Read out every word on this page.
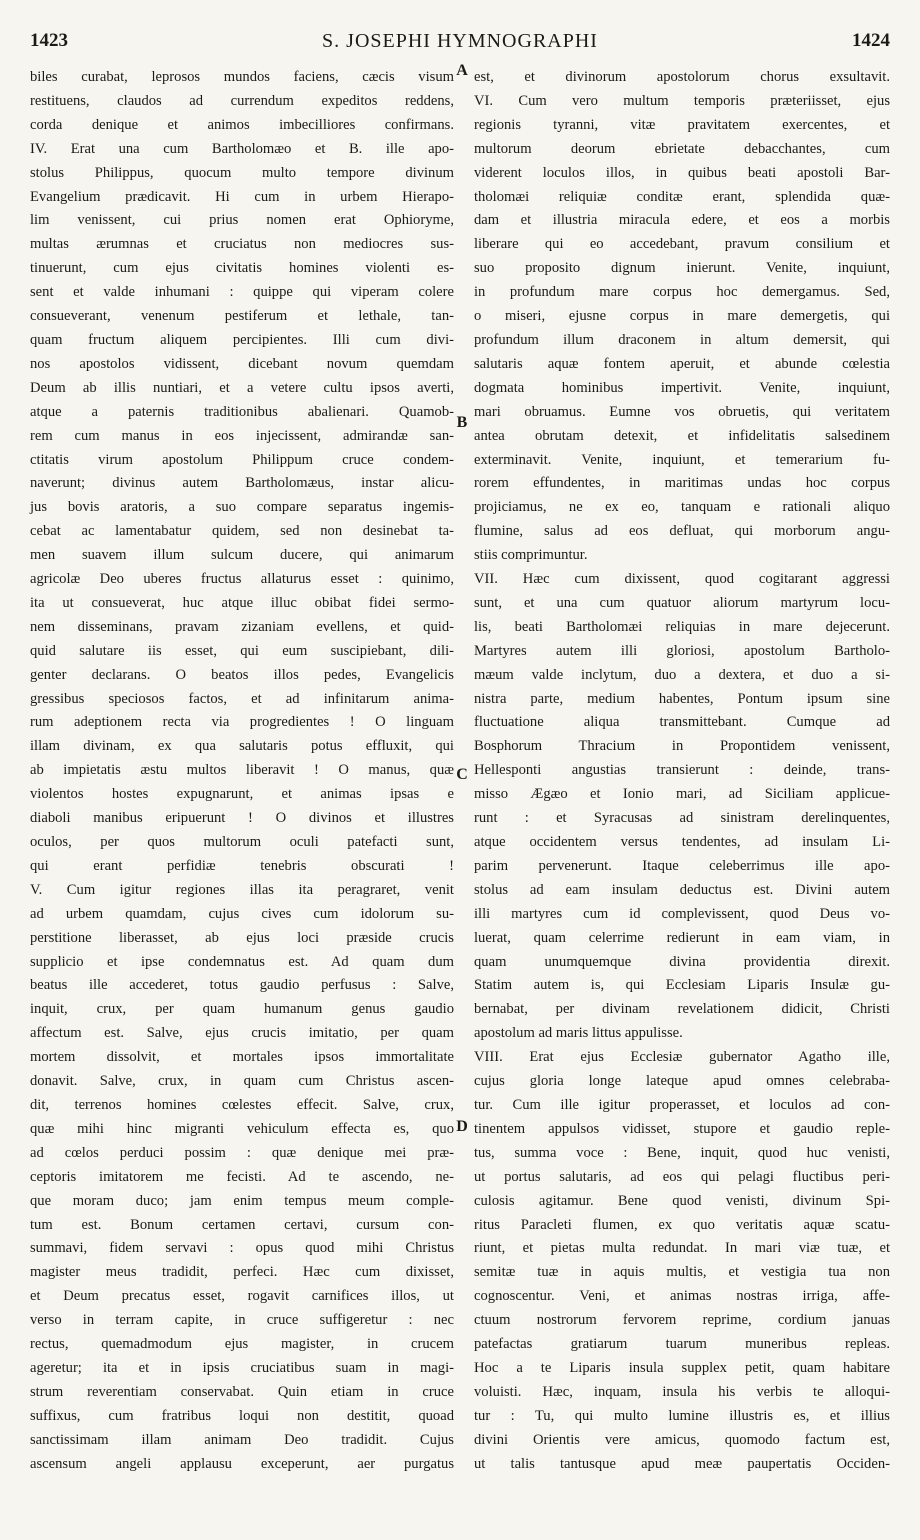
1423	S. JOSEPHI HYMNOGRAPHI	1424
biles curabat, leprosos mundos faciens, cæcis visum
restituens, claudos ad currendum expeditos reddens,
corda denique et animos imbecilliores confirmans.
IV. Erat una cum Bartholomæo et B. ille apo-
stolus Philippus, quocum multo tempore divinum
Evangelium prædicavit. Hi cum in urbem Hierapo-
lim venissent, cui prius nomen erat Ophioryme,
multas ærumnas et cruciatus non mediocres sus-
tinuerunt, cum ejus civitatis homines violenti es-
sent et valde inhumani : quippe qui viperam colere
consueverant, venenum pestiferum et lethale, tan-
quam fructum aliquem percipientes. Illi cum divi-
nos apostolos vidissent, dicebant novum quemdam
Deum ab illis nuntiari, et a vetere cultu ipsos averti,
atque a paternis traditionibus abalienari. Quamob-
rem cum manus in eos injecissent, admirandæ san-
ctitatis virum apostolum Philippum cruce condem-
naverunt; divinus autem Bartholomæus, instar alicu-
jus bovis aratoris, a suo compare separatus ingemis-
cebat ac lamentabatur quidem, sed non desinebat ta-
men suavem illum sulcum ducere, qui animarum
agricolæ Deo uberes fructus allaturus esset : quinimo,
ita ut consueverat, huc atque illuc obibat fidei sermo-
nem disseminans, pravam zizaniam evellens, et quid-
quid salutare iis esset, qui eum suscipiebant, dili-
genter declarans. O beatos illos pedes, Evangelicis
gressibus speciosos factos, et ad infinitarum anima-
rum adeptionem recta via progredientes ! O linguam
illam divinam, ex qua salutaris potus effluxit, qui
ab impietatis æstu multos liberavit ! O manus, quæ
violentos hostes expugnarunt, et animas ipsas e
diaboli manibus eripuerunt ! O divinos et illustres
oculos, per quos multorum oculi patefacti sunt,
qui erant perfidiæ tenebris obscurati !
V. Cum igitur regiones illas ita peragraret, venit
ad urbem quamdam, cujus cives cum idolorum su-
perstitione liberasset, ab ejus loci præside crucis
supplicio et ipse condemnatus est. Ad quam dum
beatus ille accederet, totus gaudio perfusus : Salve,
inquit, crux, per quam humanum genus gaudio
affectum est. Salve, ejus crucis imitatio, per quam
mortem dissolvit, et mortales ipsos immortalitate
donavit. Salve, crux, in quam cum Christus ascen-
dit, terrenos homines cœlestes effecit. Salve, crux,
quæ mihi hinc migranti vehiculum effecta es, quo
ad cœlos perduci possim : quæ denique mei præ-
ceptoris imitatorem me fecisti. Ad te ascendo, ne-
que moram duco; jam enim tempus meum comple-
tum est. Bonum certamen certavi, cursum con-
summavi, fidem servavi : opus quod mihi Christus
magister meus tradidit, perfeci. Hæc cum dixisset,
et Deum precatus esset, rogavit carnifices illos, ut
verso in terram capite, in cruce suffigeretur : nec
rectus, quemadmodum ejus magister, in crucem
ageretur; ita et in ipsis cruciatibus suam in magi-
strum reverentiam conservabat. Quin etiam in cruce
suffixus, cum fratribus loqui non destitit, quoad
sanctissimam illam animam Deo tradidit. Cujus
ascensum angeli applausu exceperunt, aer purgatus
est, et divinorum apostolorum chorus exsultavit.
VI. Cum vero multum temporis præteriisset, ejus
regionis tyranni, vitæ pravitatem exercentes, et
multorum deorum ebrietate debacchantes, cum
viderent loculos illos, in quibus beati apostoli Bar-
tholomæi reliquiæ conditæ erant, splendida quæ-
dam et illustria miracula edere, et eos a morbis
liberare qui eo accedebant, pravum consilium et
suo proposito dignum inierunt. Venite, inquiunt,
in profundum mare corpus hoc demergamus. Sed,
o miseri, ejusne corpus in mare demergetis, qui
profundum illum draconem in altum demersit, qui
salutaris aquæ fontem aperuit, et abunde cœlestia
dogmata hominibus impertivit. Venite, inquiunt,
mari obruamus. Eumne vos obruetis, qui veritatem
antea obrutam detexit, et infidelitatis salsedinem
exterminavit. Venite, inquiunt, et temerarium fu-
rorem effundentes, in maritimas undas hoc corpus
projiciamus, ne ex eo, tanquam e rationali aliquo
flumine, salus ad eos defluat, qui morborum angu-
stiis comprimuntur.
VII. Hæc cum dixissent, quod cogitarant aggressi
sunt, et una cum quatuor aliorum martyrum locu-
lis, beati Bartholomæi reliquias in mare dejecerunt.
Martyres autem illi gloriosi, apostolum Bartholo-
mæum valde inclytum, duo a dextera, et duo a si-
nistra parte, medium habentes, Pontum ipsum sine
fluctuatione aliqua transmittebant. Cumque ad
Bosphorum Thracium in Propontidem venissent,
Hellesponti angustias transierunt : deinde, trans-
misso Ægæo et Ionio mari, ad Siciliam applicue-
runt : et Syracusas ad sinistram derelinquentes,
atque occidentem versus tendentes, ad insulam Li-
parim pervenerunt. Itaque celeberrimus ille apo-
stolus ad eam insulam deductus est. Divini autem
illi martyres cum id complevissent, quod Deus vo-
luerat, quam celerrime redierunt in eam viam, in
quam unumquemque divina providentia direxit.
Statim autem is, qui Ecclesiam Liparis Insulæ gu-
bernabat, per divinam revelationem didicit, Christi
apostolum ad maris littus appulisse.
VIII. Erat ejus Ecclesiæ gubernator Agatho ille,
cujus gloria longe lateque apud omnes celebraba-
tur. Cum ille igitur properasset, et loculos ad con-
tinentem appulsos vidisset, stupore et gaudio reple-
tus, summa voce : Bene, inquit, quod huc venisti,
ut portus salutaris, ad eos qui pelagi fluctibus peri-
culosis agitamur. Bene quod venisti, divinum Spi-
ritus Paracleti flumen, ex quo veritatis aquæ scatu-
riunt, et pietas multa redundat. In mari viæ tuæ, et
semitæ tuæ in aquis multis, et vestigia tua non
cognoscentur. Veni, et animas nostras irriga, affe-
ctuum nostrorum fervorem reprime, cordium januas
patefactas gratiarum tuarum muneribus repleas.
Hoc a te Liparis insula supplex petit, quam habitare
voluisti. Hæc, inquam, insula his verbis te alloqui-
tur : Tu, qui multo lumine illustris es, et illius
divini Orientis vere amicus, quomodo factum est,
ut talis tantusque apud meæ paupertatis Occiden-
A
B
C
D
